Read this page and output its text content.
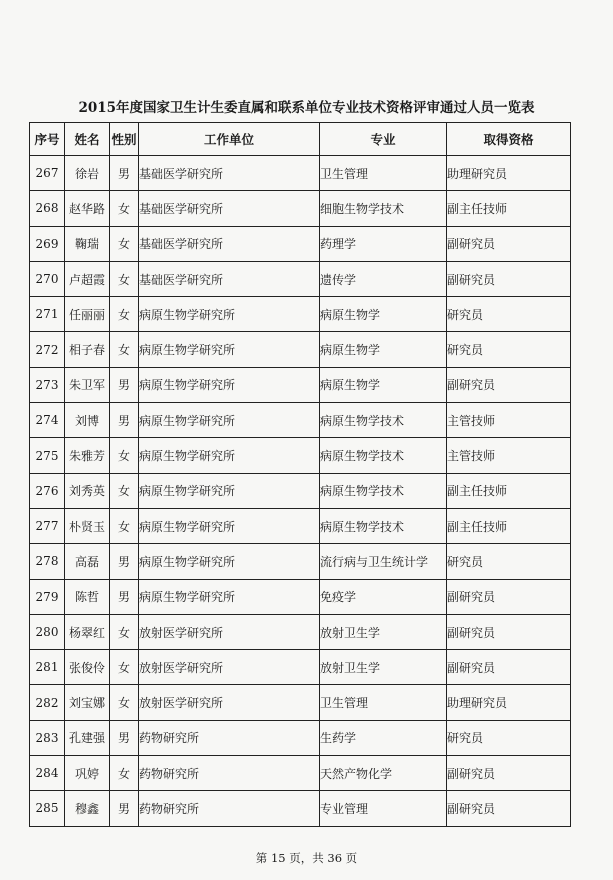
2015年度国家卫生计生委直属和联系单位专业技术资格评审通过人员一览表
序号	姓名	性别	工作单位	专业	取得资格
267	徐岩	男	基础医学研究所	卫生管理	助理研究员
268	赵华路	女	基础医学研究所	细胞生物学技术	副主任技师
269	鞠瑞	女	基础医学研究所	药理学	副研究员
270	卢超霞	女	基础医学研究所	遗传学	副研究员
271	任丽丽	女	病原生物学研究所	病原生物学	研究员
272	相子春	女	病原生物学研究所	病原生物学	研究员
273	朱卫军	男	病原生物学研究所	病原生物学	副研究员
274	刘博	男	病原生物学研究所	病原生物学技术	主管技师
275	朱雅芳	女	病原生物学研究所	病原生物学技术	主管技师
276	刘秀英	女	病原生物学研究所	病原生物学技术	副主任技师
277	朴贤玉	女	病原生物学研究所	病原生物学技术	副主任技师
278	高磊	男	病原生物学研究所	流行病与卫生统计学	研究员
279	陈哲	男	病原生物学研究所	免疫学	副研究员
280	杨翠红	女	放射医学研究所	放射卫生学	副研究员
281	张俊伶	女	放射医学研究所	放射卫生学	副研究员
282	刘宝娜	女	放射医学研究所	卫生管理	助理研究员
283	孔建强	男	药物研究所	生药学	研究员
284	巩婷	女	药物研究所	天然产物化学	副研究员
285	穆鑫	男	药物研究所	专业管理	副研究员
第 15 页，共 36 页
